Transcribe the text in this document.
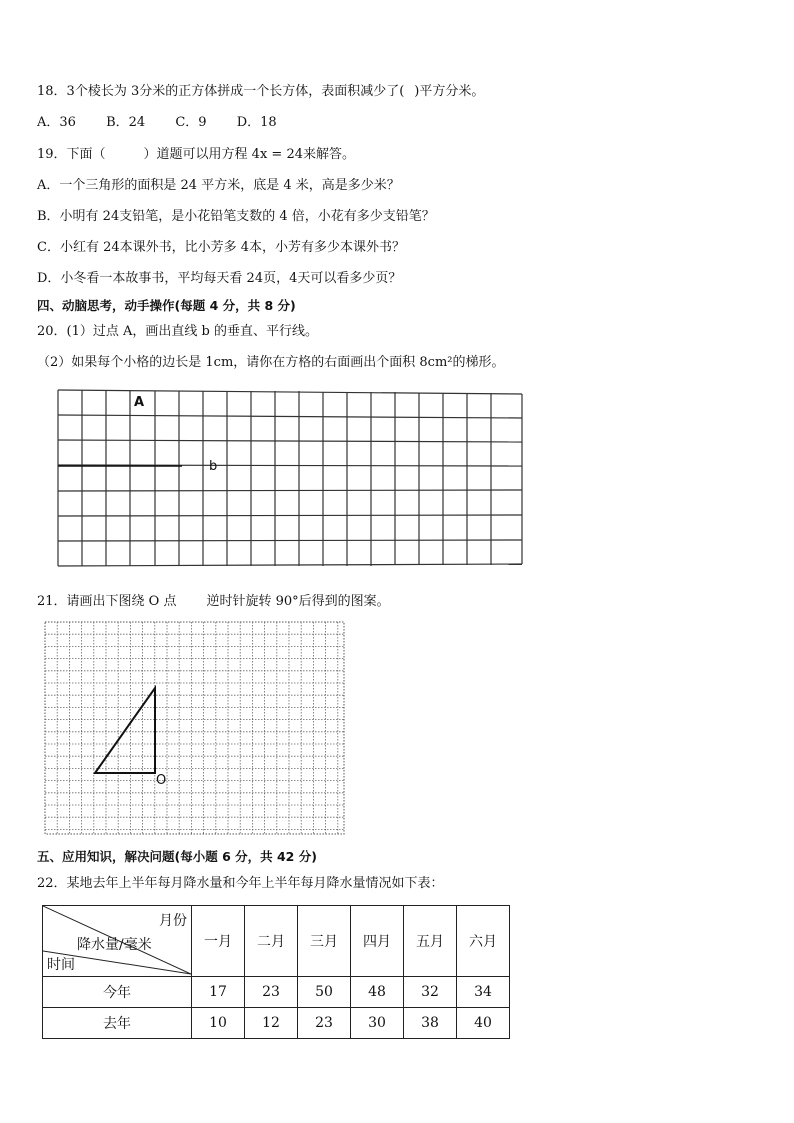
18．3个棱长为 3分米的正方体拼成一个长方体，表面积减少了( )平方分米。
A．36 B．24 C．9 D．18
19．下面（	）道题可以用方程 4x = 24来解答。
A．一个三角形的面积是 24 平方米，底是 4 米，高是多少米？
B．小明有 24支铅笔，是小花铅笔支数的 4 倍，小花有多少支铅笔？
C．小红有 24本课外书，比小芳多 4本，小芳有多少本课外书？
D．小冬看一本故事书，平均每天看 24页，4天可以看多少页？
四、动脑思考，动手操作(每题 4 分，共 8 分)
20．(1）过点 A，画出直线 b 的垂直、平行线。
（2）如果每个小格的边长是 1cm，请你在方格的右面画出个面积 8cm²的梯形。
A
b
21．请画出下图绕 O 点 逆时针旋转 90°后得到的图案。
O
五、应用知识，解决问题(每小题 6 分，共 42 分)
22．某地去年上半年每月降水量和今年上半年每月降水量情况如下表：
月份
降水量/毫米
时间	一月	二月	三月	四月	五月	六月
今年	17	23	50	48	32	34
去年	10	12	23	30	38	40
